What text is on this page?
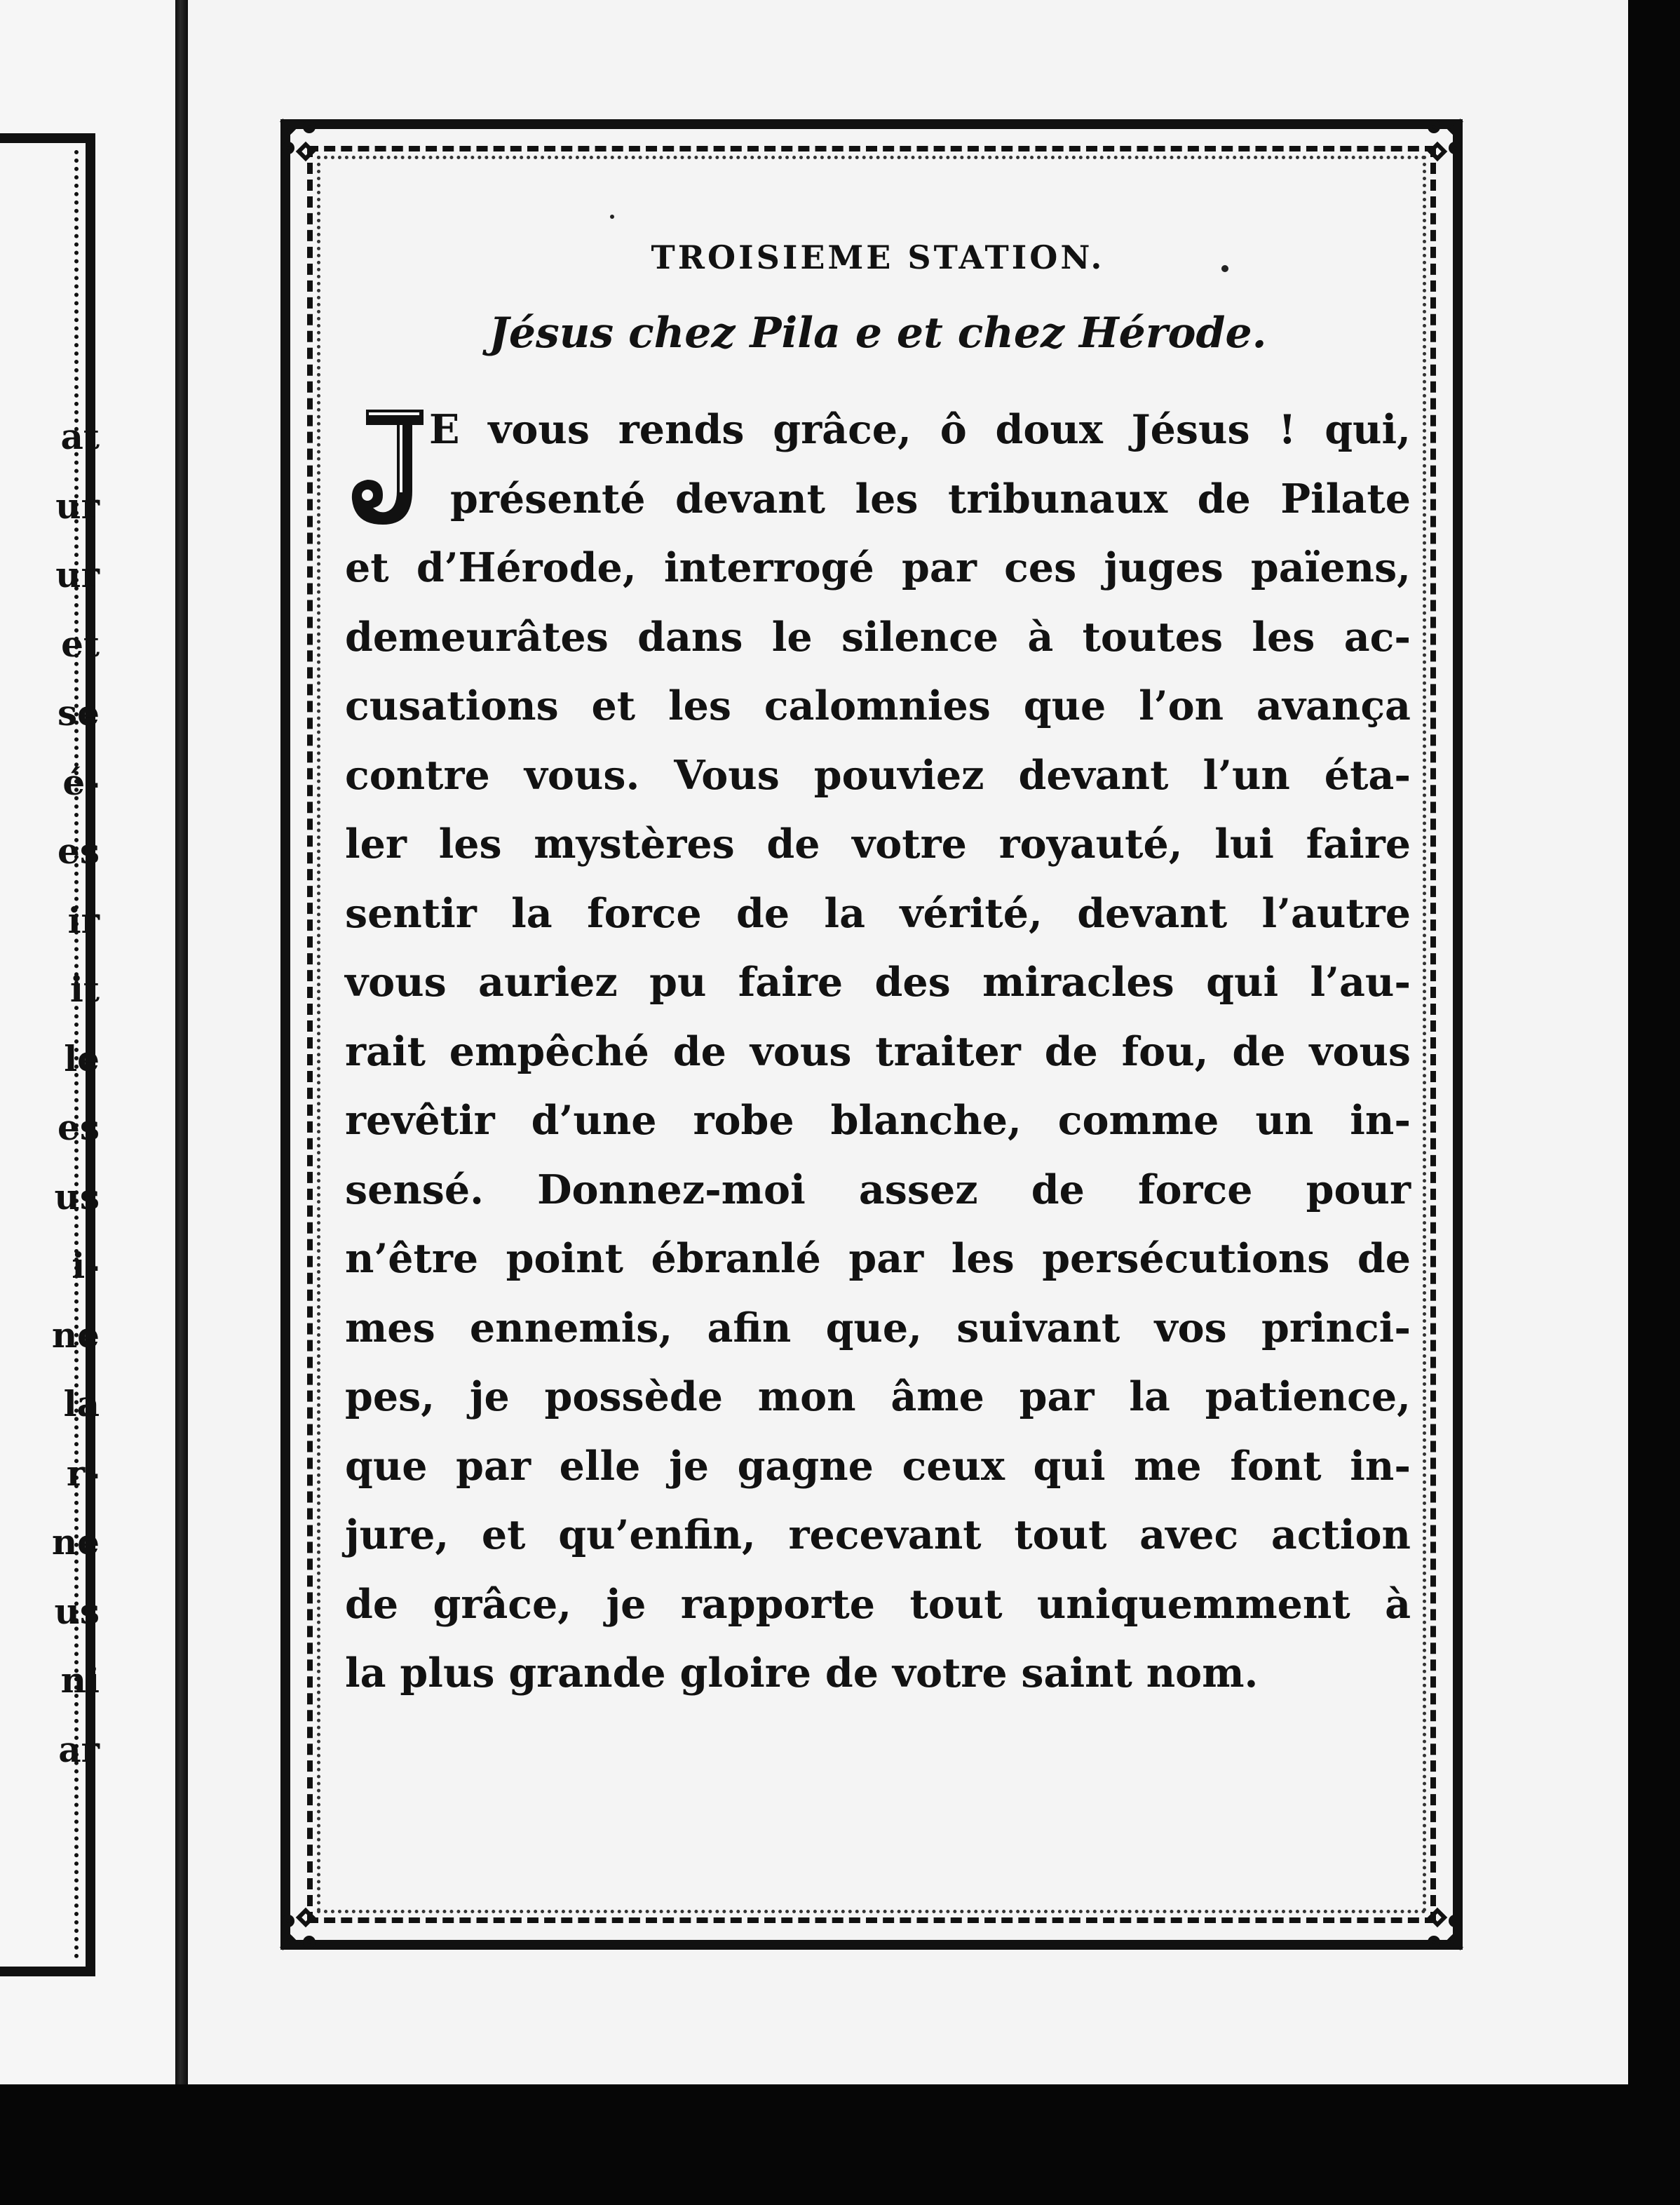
at
ur
ur
et
se
é-
es
ir
it
le
es
us
i-
ne
la
r-
ne
us
ni
ar
TROISIEME STATION.
Jésus chez Pila e et chez Hérode.
E vous rends grâce, ô doux Jésus ! qui,
présenté devant les tribunaux de Pilate
et d’Hérode, interrogé par ces juges païens,
demeurâtes dans le silence à toutes les ac-
cusations et les calomnies que l’on avança
contre vous. Vous pouviez devant l’un éta-
ler les mystères de votre royauté, lui faire
sentir la force de la vérité, devant l’autre
vous auriez pu faire des miracles qui l’au-
rait empêché de vous traiter de fou, de vous
revêtir d’une robe blanche, comme un in-
sensé. Donnez-moi assez de force pour
n’être point ébranlé par les persécutions de
mes ennemis, afin que, suivant vos princi-
pes, je possède mon âme par la patience,
que par elle je gagne ceux qui me font in-
jure, et qu’enfin, recevant tout avec action
de grâce, je rapporte tout uniquemment à
la plus grande gloire de votre saint nom.
